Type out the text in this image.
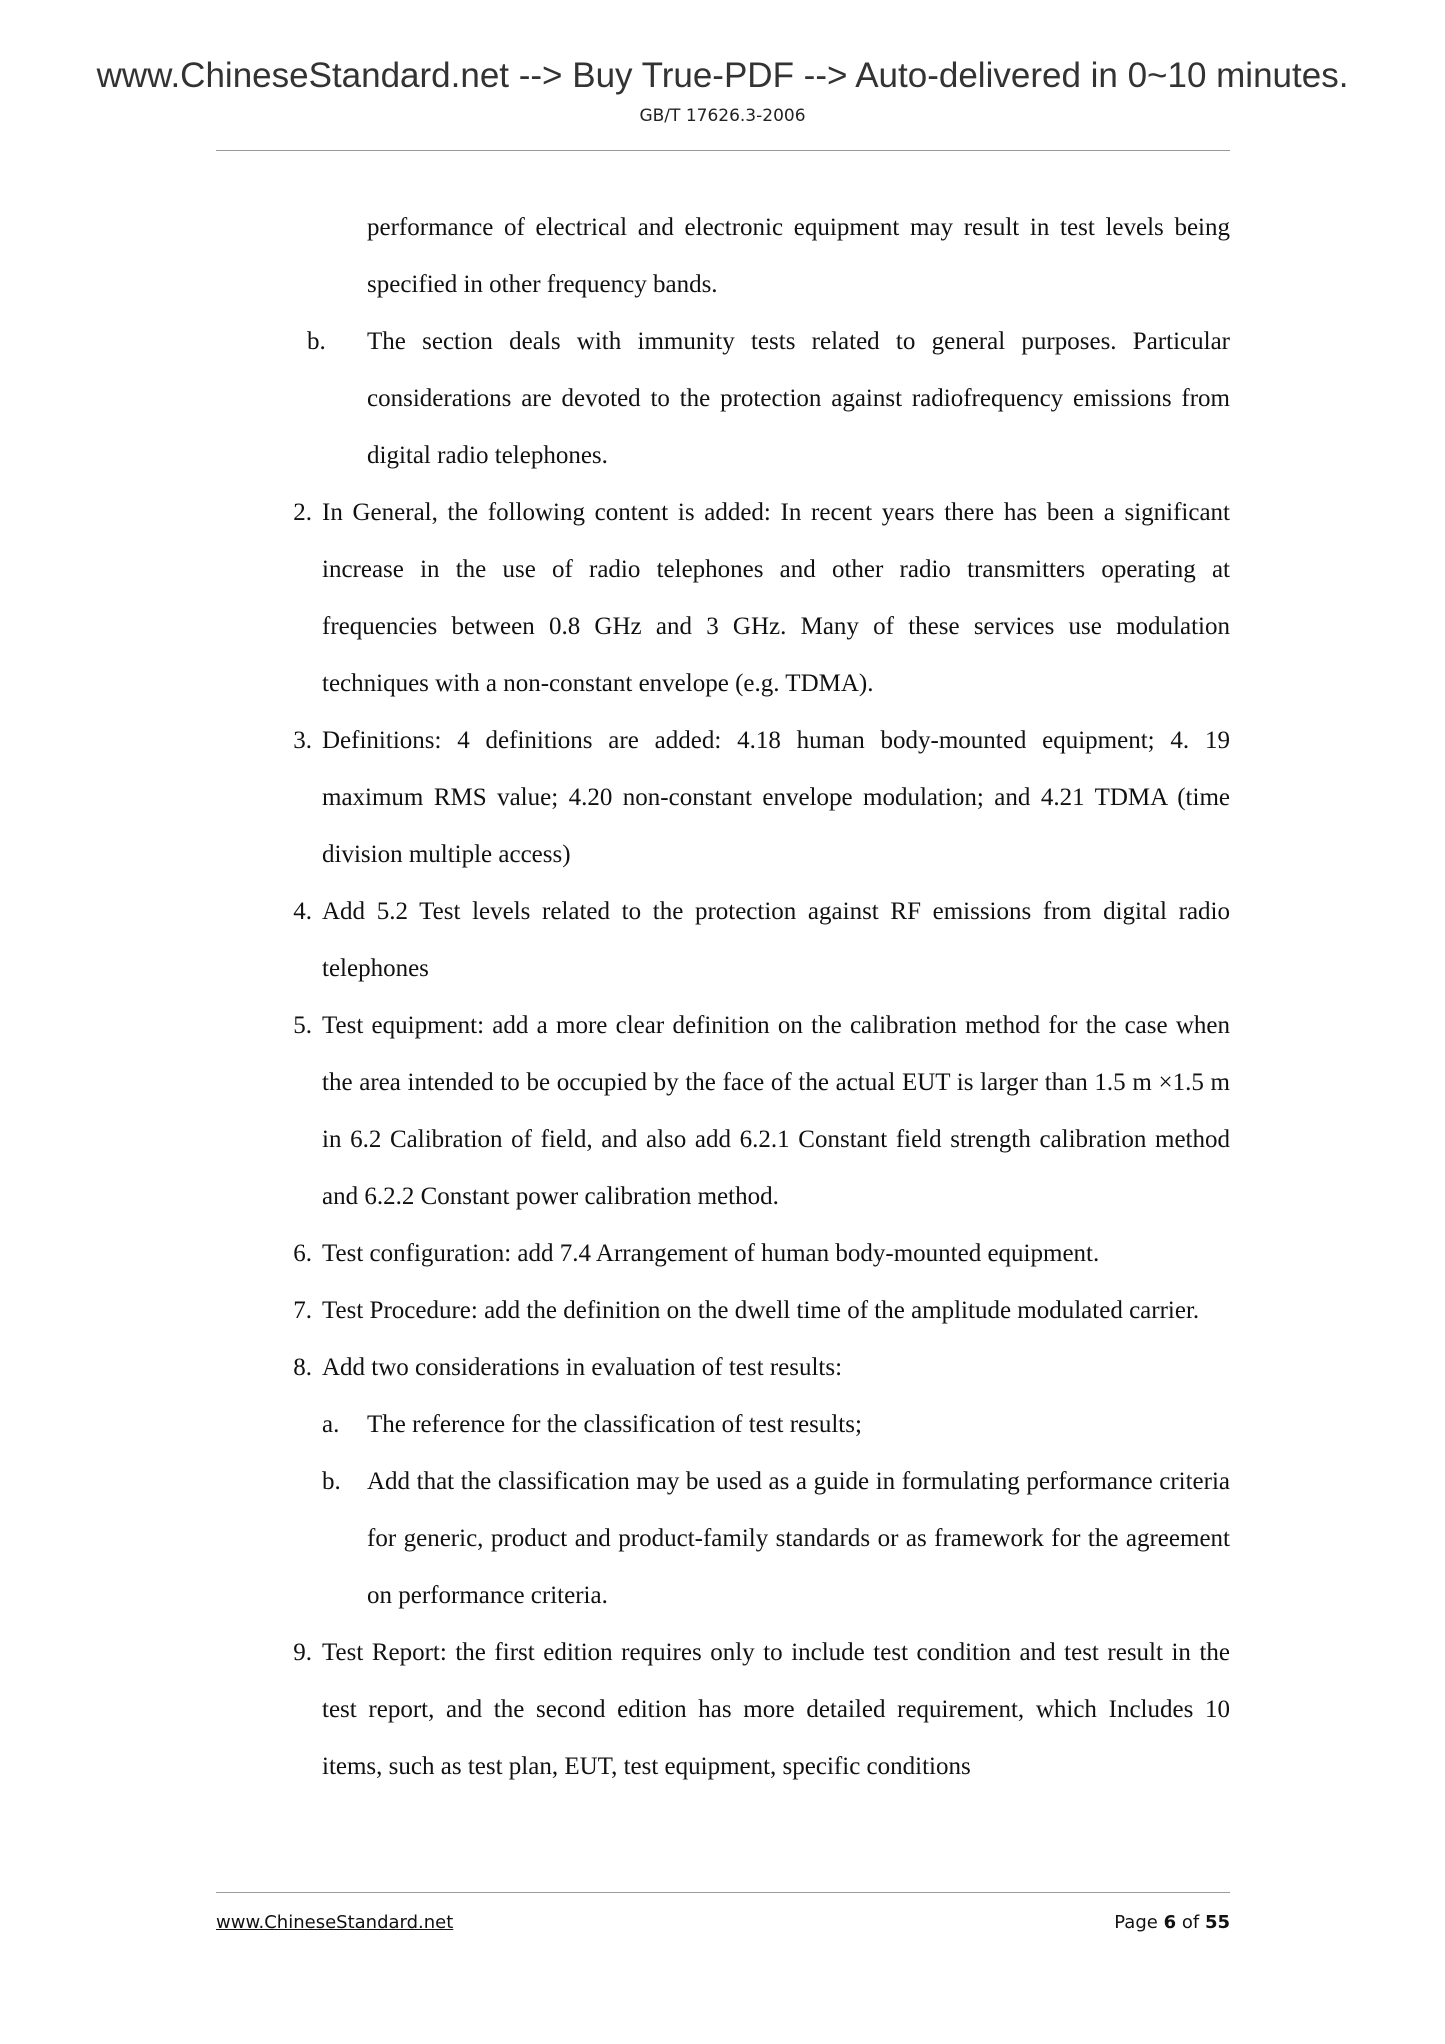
www.ChineseStandard.net --> Buy True-PDF --> Auto-delivered in 0~10 minutes.
GB/T 17626.3-2006
performance of electrical and electronic equipment may result in test levels being specified in other frequency bands.
b.	The section deals with immunity tests related to general purposes. Particular considerations are devoted to the protection against radiofrequency emissions from digital radio telephones.
2. In General, the following content is added: In recent years there has been a significant increase in the use of radio telephones and other radio transmitters operating at frequencies between 0.8 GHz and 3 GHz. Many of these services use modulation techniques with a non-constant envelope (e.g. TDMA).
3. Definitions: 4 definitions are added: 4.18 human body-mounted equipment; 4. 19 maximum RMS value; 4.20 non-constant envelope modulation; and 4.21 TDMA (time division multiple access)
4. Add 5.2 Test levels related to the protection against RF emissions from digital radio telephones
5. Test equipment: add a more clear definition on the calibration method for the case when the area intended to be occupied by the face of the actual EUT is larger than 1.5 m ×1.5 m in 6.2 Calibration of field, and also add 6.2.1 Constant field strength calibration method and 6.2.2 Constant power calibration method.
6. Test configuration: add 7.4 Arrangement of human body-mounted equipment.
7. Test Procedure: add the definition on the dwell time of the amplitude modulated carrier.
8. Add two considerations in evaluation of test results:
a.	The reference for the classification of test results;
b.	Add that the classification may be used as a guide in formulating performance criteria for generic, product and product-family standards or as framework for the agreement on performance criteria.
9. Test Report: the first edition requires only to include test condition and test result in the test report, and the second edition has more detailed requirement, which Includes 10 items, such as test plan, EUT, test equipment, specific conditions
www.ChineseStandard.net	Page 6 of 55
